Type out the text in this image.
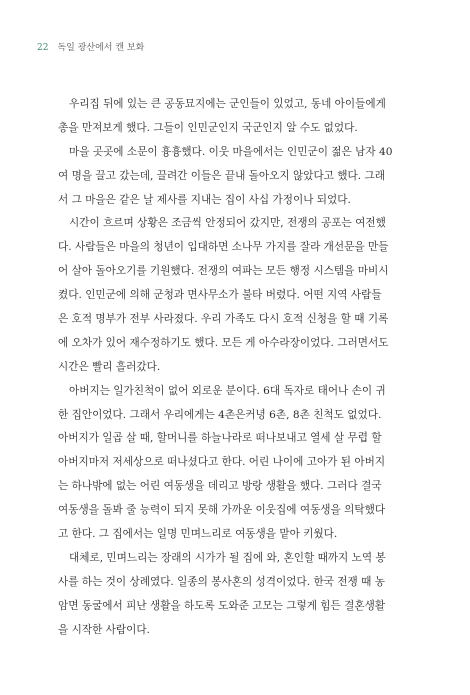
22 독일 광산에서 캔 보화

우리집 뒤에 있는 큰 공동묘지에는 군인들이 있었고, 동네 아이들에게
총을 만져보게 했다. 그들이 인민군인지 국군인지 알 수도 없었다.

마을 곳곳에 소문이 흉흉했다. 이웃 마을에서는 인민군이 젊은 남자 40
여 명을 끌고 갔는데, 끌려간 이들은 끝내 돌아오지 않았다고 했다. 그래
서 그 마을은 같은 날 제사를 지내는 집이 사십 가정이나 되었다.

시간이 흐르며 상황은 조금씩 안정되어 갔지만, 전쟁의 공포는 여전했
다. 사람들은 마을의 청년이 입대하면 소나무 가지를 잘라 개선문을 만들
어 살아 돌아오기를 기원했다. 전쟁의 여파는 모든 행정 시스템을 마비시
켰다. 인민군에 의해 군청과 면사무소가 불타 버렸다. 어떤 지역 사람들
은 호적 명부가 전부 사라졌다. 우리 가족도 다시 호적 신청을 할 때 기록
에 오차가 있어 재수정하기도 했다. 모든 게 아수라장이었다. 그러면서도
시간은 빨리 흘러갔다.

아버지는 일가친척이 없어 외로운 분이다. 6대 독자로 태어나 손이 귀
한 집안이었다. 그래서 우리에게는 4촌은커녕 6촌, 8촌 친척도 없었다.
아버지가 일곱 살 때, 할머니를 하늘나라로 떠나보내고 열세 살 무렵 할
아버지마저 저세상으로 떠나셨다고 한다. 어린 나이에 고아가 된 아버지
는 하나밖에 없는 어린 여동생을 데리고 방랑 생활을 했다. 그러다 결국
여동생을 돌봐 줄 능력이 되지 못해 가까운 이웃집에 여동생을 의탁했다
고 한다. 그 집에서는 일명 민며느리로 여동생을 맡아 키웠다.

대체로, 민며느리는 장래의 시가가 될 집에 와, 혼인할 때까지 노역 봉
사를 하는 것이 상례였다. 일종의 봉사혼의 성격이었다. 한국 전쟁 때 농
암면 동굴에서 피난 생활을 하도록 도와준 고모는 그렇게 힘든 결혼생활
을 시작한 사람이다.
